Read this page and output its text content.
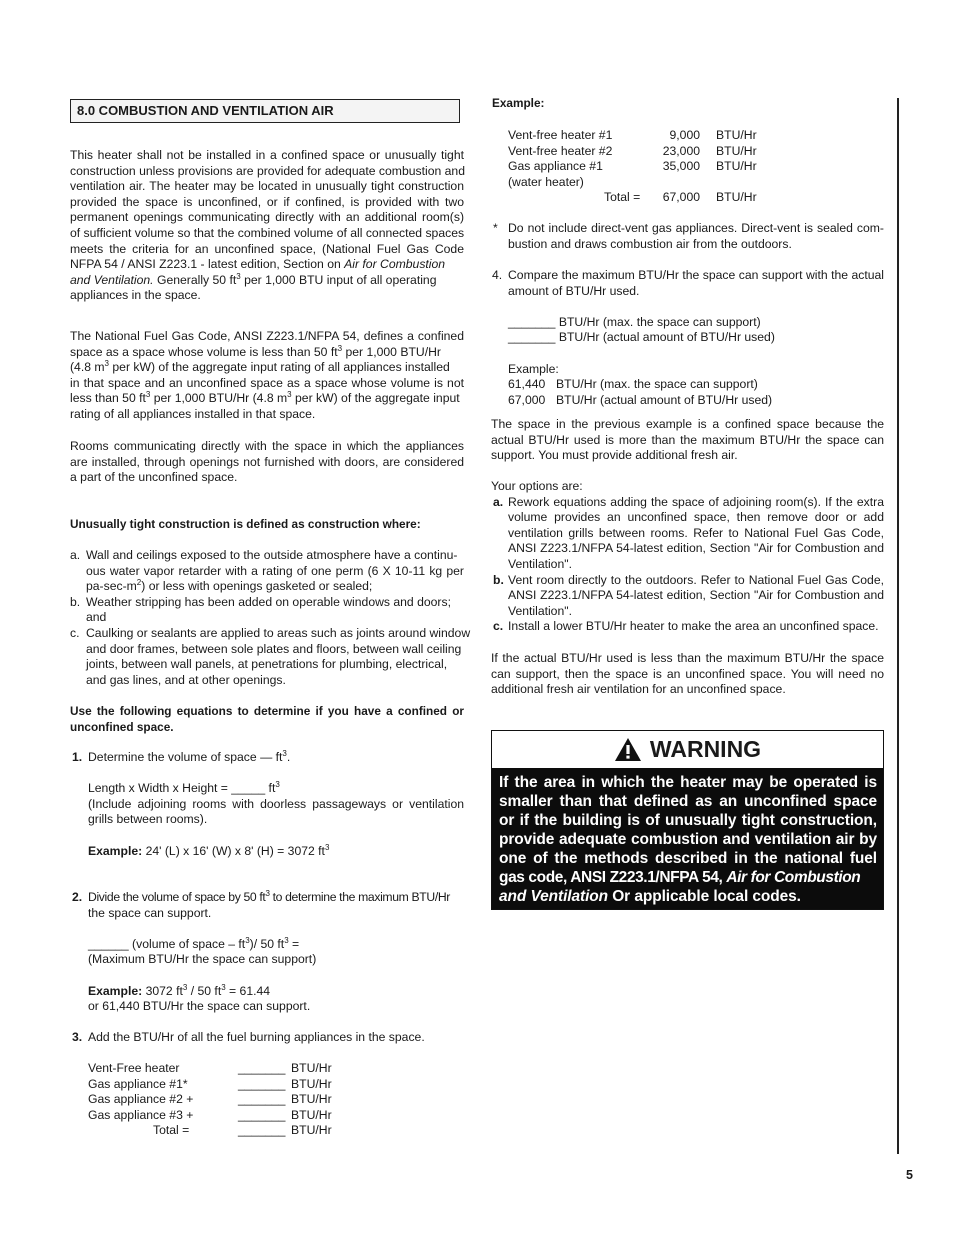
8.0 COMBUSTION AND VENTILATION AIR
This heater shall not be installed in a confined space or unusually tight
construction unless provisions are provided for adequate combustion and
ventilation air. The heater may be located in unusually tight construction
provided the space is unconfined, or if confined, is provided with two
permanent openings communicating directly with an additional room(s)
of sufficient volume so that the combined volume of all connected spaces
meets the criteria for an unconfined space, (National Fuel Gas Code
NFPA 54 / ANSI Z223.1 - latest edition, Section on Air for Combustion
and Ventilation. Generally 50 $ft^3$ per 1,000 BTU input of all operating
appliances in the space.
The National Fuel Gas Code, ANSI Z223.1/NFPA 54, defines a confined
space as a space whose volume is less than 50 $ft^3$ per 1,000 BTU/Hr
(4.8 $m^3$ per kW) of the aggregate input rating of all appliances installed
in that space and an unconfined space as a space whose volume is not
less than 50 $ft^3$ per 1,000 BTU/Hr (4.8 $m^3$ per kW) of the aggregate input
rating of all appliances installed in that space.
Rooms communicating directly with the space in which the appliances
are installed, through openings not furnished with doors, are considered
a part of the unconfined space.
Unusually tight construction is defined as construction where:
a. Wall and ceilings exposed to the outside atmosphere have a continu-
ous water vapor retarder with a rating of one perm (6 X 10-11 kg per
$pa-\sec-m^2$) or less with openings gasketed or sealed;
b. Weather stripping has been added on operable windows and doors;
and
c. Caulking or sealants are applied to areas such as joints around window
and door frames, between sole plates and floors, between wall ceiling
joints, between wall panels, at penetrations for plumbing, electrical,
and gas lines, and at other openings.
Use the following equations to determine if you have a confined or
unconfined space.
1. Determine the volume of space — $ft^3$.

Length x Width x Height = _____ $ft^3$
(Include adjoining rooms with doorless passageways or ventilation
grills between rooms).

Example: 24' (L) x 16' (W) x 8' (H) = 3072 $ft^3$
2. Divide the volume of space by 50 $ft^3$ to determine the maximum BTU/Hr
the space can support.

______ (volume of space – $ft^3)/$ 50 $ft^3$ =
(Maximum BTU/Hr the space can support)

Example: 3072 $ft^3 / 50$ $ft^3 = 61.44$
or 61,440 BTU/Hr the space can support.
3. Add the BTU/Hr of all the fuel burning appliances in the space.
Vent-Free heater	_______ BTU/Hr
Gas appliance #1*	_______ BTU/Hr
Gas appliance #2 +	_______ BTU/Hr
Gas appliance #3 +	_______ BTU/Hr
Total =	_______ BTU/Hr
Example:
Vent-free heater #1	9,000 BTU/Hr
Vent-free heater #2	23,000 BTU/Hr
Gas appliance #1	35,000 BTU/Hr
(water heater)
Total =	67,000 BTU/Hr
* Do not include direct-vent gas appliances. Direct-vent is sealed com-
bustion and draws combustion air from the outdoors.
4. Compare the maximum BTU/Hr the space can support with the actual
amount of BTU/Hr used.

_______ BTU/Hr (max. the space can support)
_______ BTU/Hr (actual amount of BTU/Hr used)

Example:
61,440 BTU/Hr (max. the space can support)
67,000 BTU/Hr (actual amount of BTU/Hr used)
The space in the previous example is a confined space because the
actual BTU/Hr used is more than the maximum BTU/Hr the space can
support. You must provide additional fresh air.
Your options are:
a. Rework equations adding the space of adjoining room(s). If the extra
volume provides an unconfined space, then remove door or add
ventilation grills between rooms. Refer to National Fuel Gas Code,
ANSI Z223.1/NFPA 54-latest edition, Section "Air for Combustion and
Ventilation".
b. Vent room directly to the outdoors. Refer to National Fuel Gas Code,
ANSI Z223.1/NFPA 54-latest edition, Section "Air for Combustion and
Ventilation".
c. Install a lower BTU/Hr heater to make the area an unconfined space.
If the actual BTU/Hr used is less than the maximum BTU/Hr the space
can support, then the space is an unconfined space. You will need no
additional fresh air ventilation for an unconfined space.
WARNING
If the area in which the heater may be operated is
smaller than that defined as an unconfined space
or if the building is of unusually tight construction,
provide adequate combustion and ventilation air by
one of the methods described in the national fuel
gas code, ANSI Z223.1/NFPA 54, Air for Combustion
and Ventilation Or applicable local codes.
5
